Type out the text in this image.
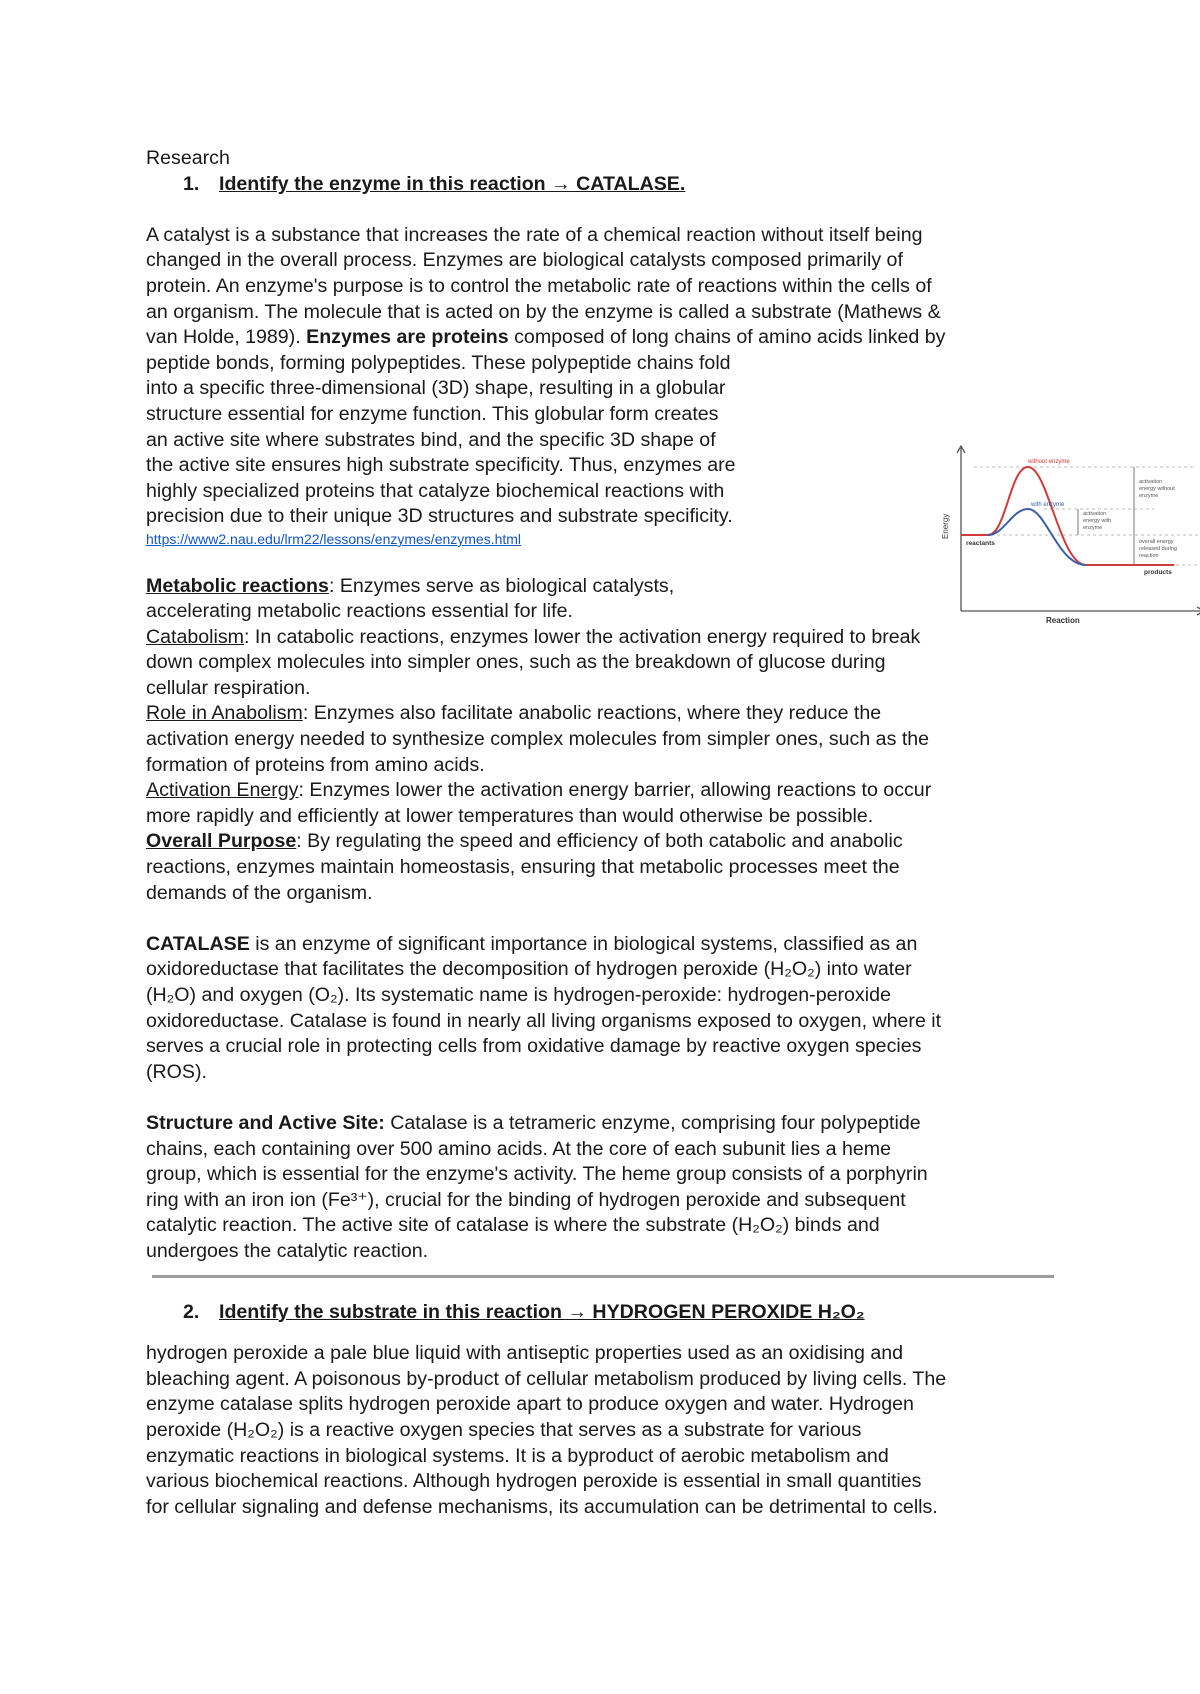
Research

1. Identify the enzyme in this reaction → CATALASE.

A catalyst is a substance that increases the rate of a chemical reaction without itself being

changed in the overall process. Enzymes are biological catalysts composed primarily of

protein. An enzyme's purpose is to control the metabolic rate of reactions within the cells of

an organism. The molecule that is acted on by the enzyme is called a substrate (Mathews &

van Holde, 1989). Enzymes are proteins composed of long chains of amino acids linked by

peptide bonds, forming polypeptides. These polypeptide chains fold

into a specific three-dimensional (3D) shape, resulting in a globular

structure essential for enzyme function. This globular form creates

an active site where substrates bind, and the specific 3D shape of

the active site ensures high substrate specificity. Thus, enzymes are

highly specialized proteins that catalyze biochemical reactions with

precision due to their unique 3D structures and substrate specificity.

https://www2.nau.edu/lrm22/lessons/enzymes/enzymes.html
Energy
Reaction
without enzyme
with enzyme
reactants
products
activation
energy with
enzyme
activation
energy without
enzyme
overall energy
released during
reaction

Metabolic reactions: Enzymes serve as biological catalysts,

accelerating metabolic reactions essential for life.

Catabolism: In catabolic reactions, enzymes lower the activation energy required to break

down complex molecules into simpler ones, such as the breakdown of glucose during

cellular respiration.

Role in Anabolism: Enzymes also facilitate anabolic reactions, where they reduce the

activation energy needed to synthesize complex molecules from simpler ones, such as the

formation of proteins from amino acids.

Activation Energy: Enzymes lower the activation energy barrier, allowing reactions to occur

more rapidly and efficiently at lower temperatures than would otherwise be possible.

Overall Purpose: By regulating the speed and efficiency of both catabolic and anabolic

reactions, enzymes maintain homeostasis, ensuring that metabolic processes meet the

demands of the organism.

CATALASE is an enzyme of significant importance in biological systems, classified as an

oxidoreductase that facilitates the decomposition of hydrogen peroxide (H₂O₂) into water

(H₂O) and oxygen (O₂). Its systematic name is hydrogen-peroxide: hydrogen-peroxide

oxidoreductase. Catalase is found in nearly all living organisms exposed to oxygen, where it

serves a crucial role in protecting cells from oxidative damage by reactive oxygen species

(ROS).

Structure and Active Site: Catalase is a tetrameric enzyme, comprising four polypeptide

chains, each containing over 500 amino acids. At the core of each subunit lies a heme

group, which is essential for the enzyme's activity. The heme group consists of a porphyrin

ring with an iron ion (Fe³⁺), crucial for the binding of hydrogen peroxide and subsequent

catalytic reaction. The active site of catalase is where the substrate (H₂O₂) binds and

undergoes the catalytic reaction.

2. Identify the substrate in this reaction → HYDROGEN PEROXIDE H₂O₂

hydrogen peroxide a pale blue liquid with antiseptic properties used as an oxidising and

bleaching agent. A poisonous by-product of cellular metabolism produced by living cells. The

enzyme catalase splits hydrogen peroxide apart to produce oxygen and water. Hydrogen

peroxide (H₂O₂) is a reactive oxygen species that serves as a substrate for various

enzymatic reactions in biological systems. It is a byproduct of aerobic metabolism and

various biochemical reactions. Although hydrogen peroxide is essential in small quantities

for cellular signaling and defense mechanisms, its accumulation can be detrimental to cells.
